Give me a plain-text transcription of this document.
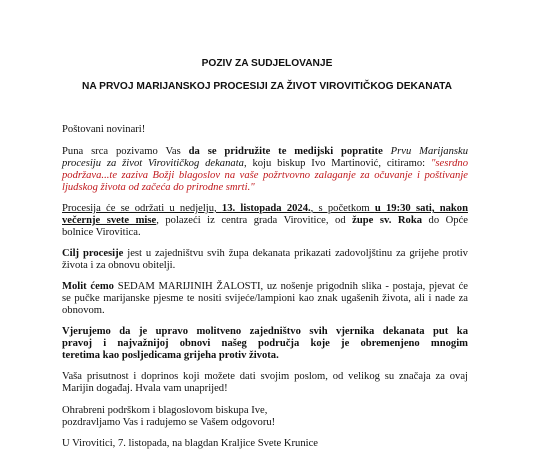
POZIV ZA SUDJELOVANJE
NA PRVOJ MARIJANSKOJ PROCESIJI ZA ŽIVOT VIROVITIČKOG DEKANATA
Poštovani novinari!
Puna srca pozivamo Vas da se pridružite te medijski popratite Prvu Marijansku
procesiju za život Virovitičkog dekanata, koju biskup Ivo Martinović, citiramo: "sesrdno
podržava...te zaziva Božji blagoslov na vaše požrtvovno zalaganje za očuvanje i poštivanje
ljudskog života od začeća do prirodne smrti."
Procesija će se održati u nedjelju, 13. listopada 2024., s početkom u 19:30 sati, nakon
večernje svete mise, polazeći iz centra grada Virovitice, od župe sv. Roka do Opće
bolnice Virovitica.
Cilj procesije jest u zajedništvu svih župa dekanata prikazati zadovoljštinu za grijehe protiv
života i za obnovu obitelji.
Molit ćemo SEDAM MARIJINIH ŽALOSTI, uz nošenje prigodnih slika - postaja, pjevat će
se pučke marijanske pjesme te nositi svijeće/lampioni kao znak ugašenih života, ali i nade za
obnovom.
Vjerujemo da je upravo molitveno zajedništvo svih vjernika dekanata put ka
pravoj i najvažnijoj obnovi našeg područja koje je obremenjeno mnogim
teretima kao posljedicama grijeha protiv života.
Vaša prisutnost i doprinos koji možete dati svojim poslom, od velikog su značaja za ovaj
Marijin događaj. Hvala vam unaprijed!
Ohrabreni podrškom i blagoslovom biskupa Ive,
pozdravljamo Vas i radujemo se Vašem odgovoru!
U Virovitici, 7. listopada, na blagdan Kraljice Svete Krunice
